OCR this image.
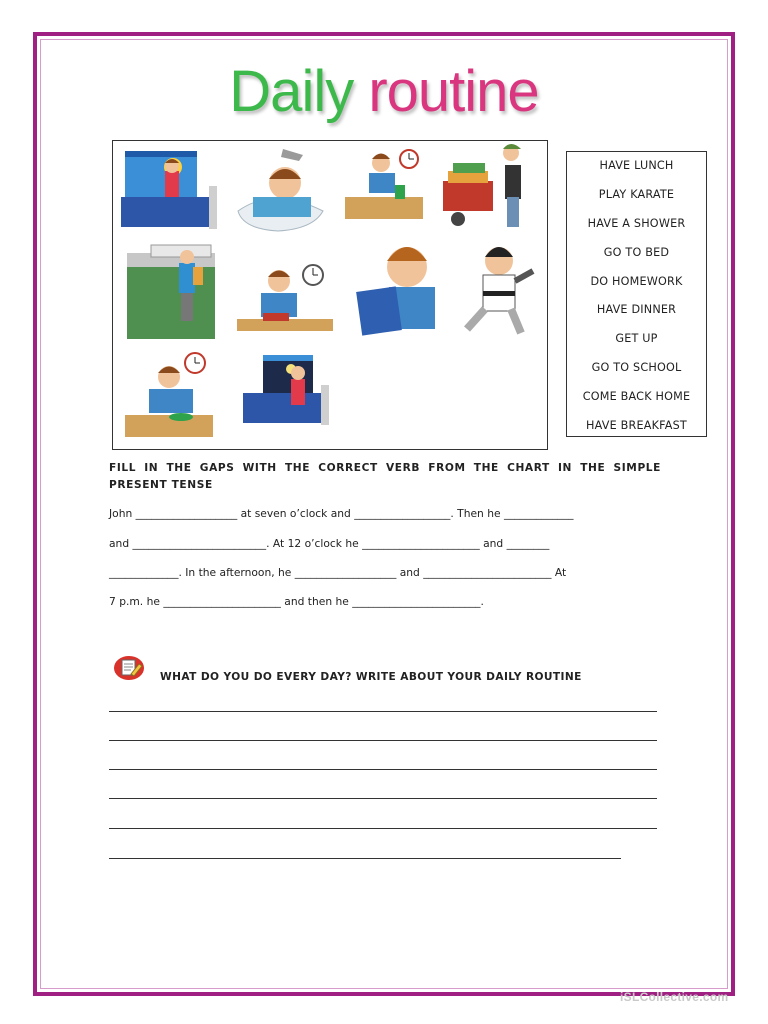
Daily routine
HAVE LUNCH
PLAY KARATE
HAVE A SHOWER
GO TO BED
DO HOMEWORK
HAVE DINNER
GET UP
GO TO SCHOOL
COME BACK HOME
HAVE BREAKFAST
FILL IN THE GAPS WITH THE CORRECT VERB FROM THE CHART IN THE SIMPLE PRESENT TENSE
John ___________________ at seven o’clock and __________________. Then he _____________
and _________________________. At 12 o’clock he ______________________ and ________
_____________. In the afternoon, he ___________________ and ________________________ At
7 p.m. he ______________________ and then he ________________________.
WHAT DO YOU DO EVERY DAY? WRITE ABOUT YOUR DAILY ROUTINE
iSLCollective.com
